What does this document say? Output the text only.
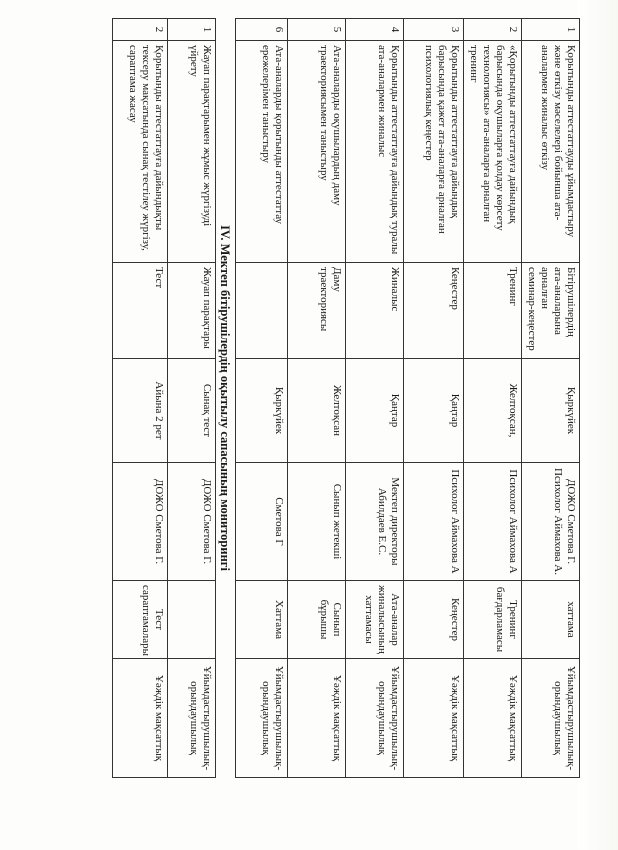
1
Қорытынды аттестаттауды ұйымдастыру және өткізу мәселелері бойынша ата-аналармен жиналыс өткізу
Бітірушілердің ата-аналарына арналған семинар-кеңестер
Қыркүйек
ДОЖО Сметова Г. Психолог Аймахова А.
хаттама
Ұйымдастырушылық-орындаушылық
2
«Қорытынды аттестаттауға дайындық барысында оқушыларға қолдау көрсету технологиясы» ата-аналарға арналған тренинг
Тренинг
Желтоқсан,
Психолог Аймахова А
Тренинг бағдарламасы
Ұәждік мақсаттық
3
Қорытынды аттестаттауға дайындық барысында қажет ата-аналарға арналған психологиялық кеңестер
Кеңестер
Қаңтар
Психолог Аймахова А
Кеңестер
Ұәждік мақсаттық
4
Қорытынды аттестаттауға дайындық туралы ата-аналармен жиналыс
Жиналыс
Қаңтар
Мектеп директоры Абилдаев Е.С.
Ата-аналар жиналысының хаттамасы
Ұйымдастырушылық-орындаушылық
5
Ата-аналарды оқушылардың даму траекториясымен таныстыру
Даму траекториясы
Желтоқсан
Сынып жетекші
Сынып бұрышы
Ұәждік мақсаттық
6
Ата-аналарды қорытынды аттестаттау ережелерімен таныстыру
Қыркүйек
Сметова Г
Хаттама
Ұйымдастырушылық-орындаушылық
IV. Мектеп бітірушілердің оқытылу сапасының мониторингі
1
Жауап парақтарымен жұмыс жүргізуді үйрету
Жауап парақтары
Сынақ тест
ДОЖО Сметова Г.
Ұйымдастырушылық-орындаушылық
2
Қорытынды аттестаттауға дайындықты тексеру мақсатында сынақ тестілеу жүргізу, сараптама жасау
Тест
Айына 2 рет
ДОЖО Сметова Г.
Тест сараптамалары
Ұәждік мақсаттық
